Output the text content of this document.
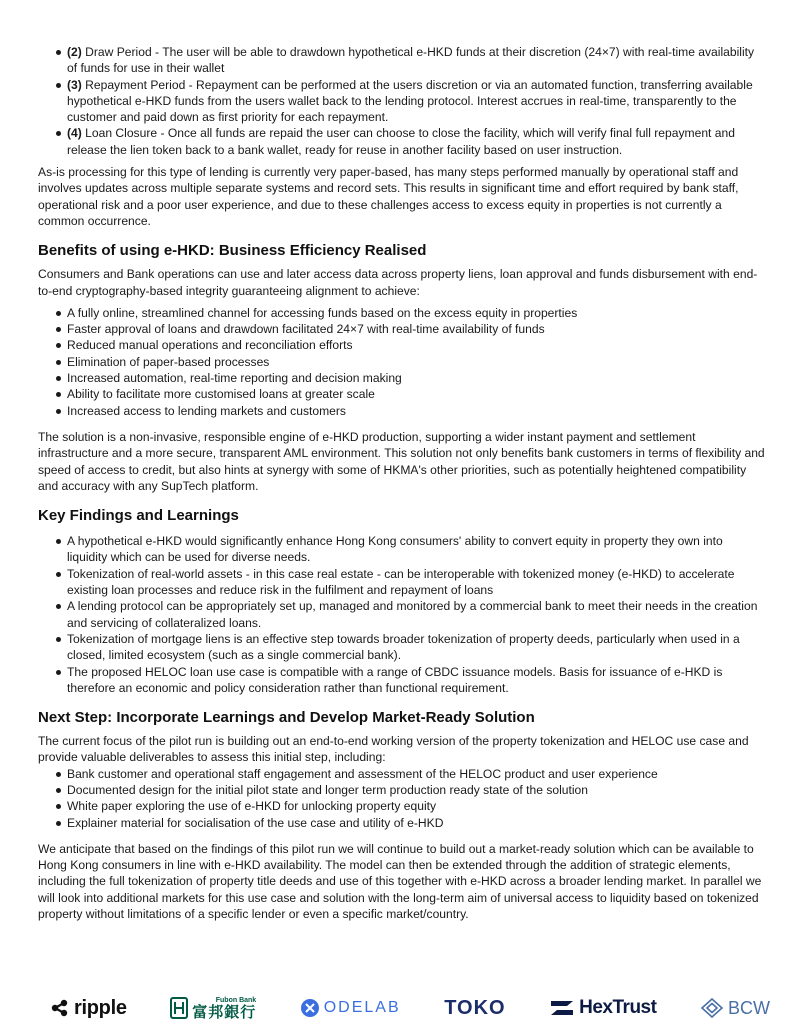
(2) Draw Period - The user will be able to drawdown hypothetical e-HKD funds at their discretion (24×7) with real-time availability of funds for use in their wallet
(3) Repayment Period - Repayment can be performed at the users discretion or via an automated function, transferring available hypothetical e-HKD funds from the users wallet back to the lending protocol. Interest accrues in real-time, transparently to the customer and paid down as first priority for each repayment.
(4) Loan Closure - Once all funds are repaid the user can choose to close the facility, which will verify final full repayment and release the lien token back to a bank wallet, ready for reuse in another facility based on user instruction.

As-is processing for this type of lending is currently very paper-based, has many steps performed manually by operational staff and involves updates across multiple separate systems and record sets. This results in significant time and effort required by bank staff, operational risk and a poor user experience, and due to these challenges access to excess equity in properties is not currently a common occurrence.

Benefits of using e-HKD: Business Efficiency Realised

Consumers and Bank operations can use and later access data across property liens, loan approval and funds disbursement with end-to-end cryptography-based integrity guaranteeing alignment to achieve:

A fully online, streamlined channel for accessing funds based on the excess equity in properties
Faster approval of loans and drawdown facilitated 24×7 with real-time availability of funds
Reduced manual operations and reconciliation efforts
Elimination of paper-based processes
Increased automation, real-time reporting and decision making
Ability to facilitate more customised loans at greater scale
Increased access to lending markets and customers

The solution is a non-invasive, responsible engine of e-HKD production, supporting a wider instant payment and settlement infrastructure and a more secure, transparent AML environment. This solution not only benefits bank customers in terms of flexibility and speed of access to credit, but also hints at synergy with some of HKMA's other priorities, such as potentially heightened compatibility and accuracy with any SupTech platform.

Key Findings and Learnings
A hypothetical e-HKD would significantly enhance Hong Kong consumers' ability to convert equity in property they own into liquidity which can be used for diverse needs.
Tokenization of real-world assets - in this case real estate - can be interoperable with tokenized money (e-HKD) to accelerate existing loan processes and reduce risk in the fulfilment and repayment of loans
A lending protocol can be appropriately set up, managed and monitored by a commercial bank to meet their needs in the creation and servicing of collateralized loans.
Tokenization of mortgage liens is an effective step towards broader tokenization of property deeds, particularly when used in a closed, limited ecosystem (such as a single commercial bank).
The proposed HELOC loan use case is compatible with a range of CBDC issuance models. Basis for issuance of e-HKD is therefore an economic and policy consideration rather than functional requirement.
Next Step: Incorporate Learnings and Develop Market-Ready Solution

The current focus of the pilot run is building out an end-to-end working version of the property tokenization and HELOC use case and provide valuable deliverables to assess this initial step, including:

Bank customer and operational staff engagement and assessment of the HELOC product and user experience
Documented design for the initial pilot state and longer term production ready state of the solution
White paper exploring the use of e-HKD for unlocking property equity
Explainer material for socialisation of the use case and utility of e-HKD

We anticipate that based on the findings of this pilot run we will continue to build out a market-ready solution which can be available to Hong Kong consumers in line with e-HKD availability. The model can then be extended through the addition of strategic elements, including the full tokenization of property title deeds and use of this together with e-HKD across a broader lending market. In parallel we will look into additional markets for this use case and solution with the long-term aim of universal access to liquidity based on tokenized property without limitations of a specific lender or even a specific market/country.

ripple	Fubon Bank
富邦銀行	ODELAB TOKO	HexTrust	BCW
